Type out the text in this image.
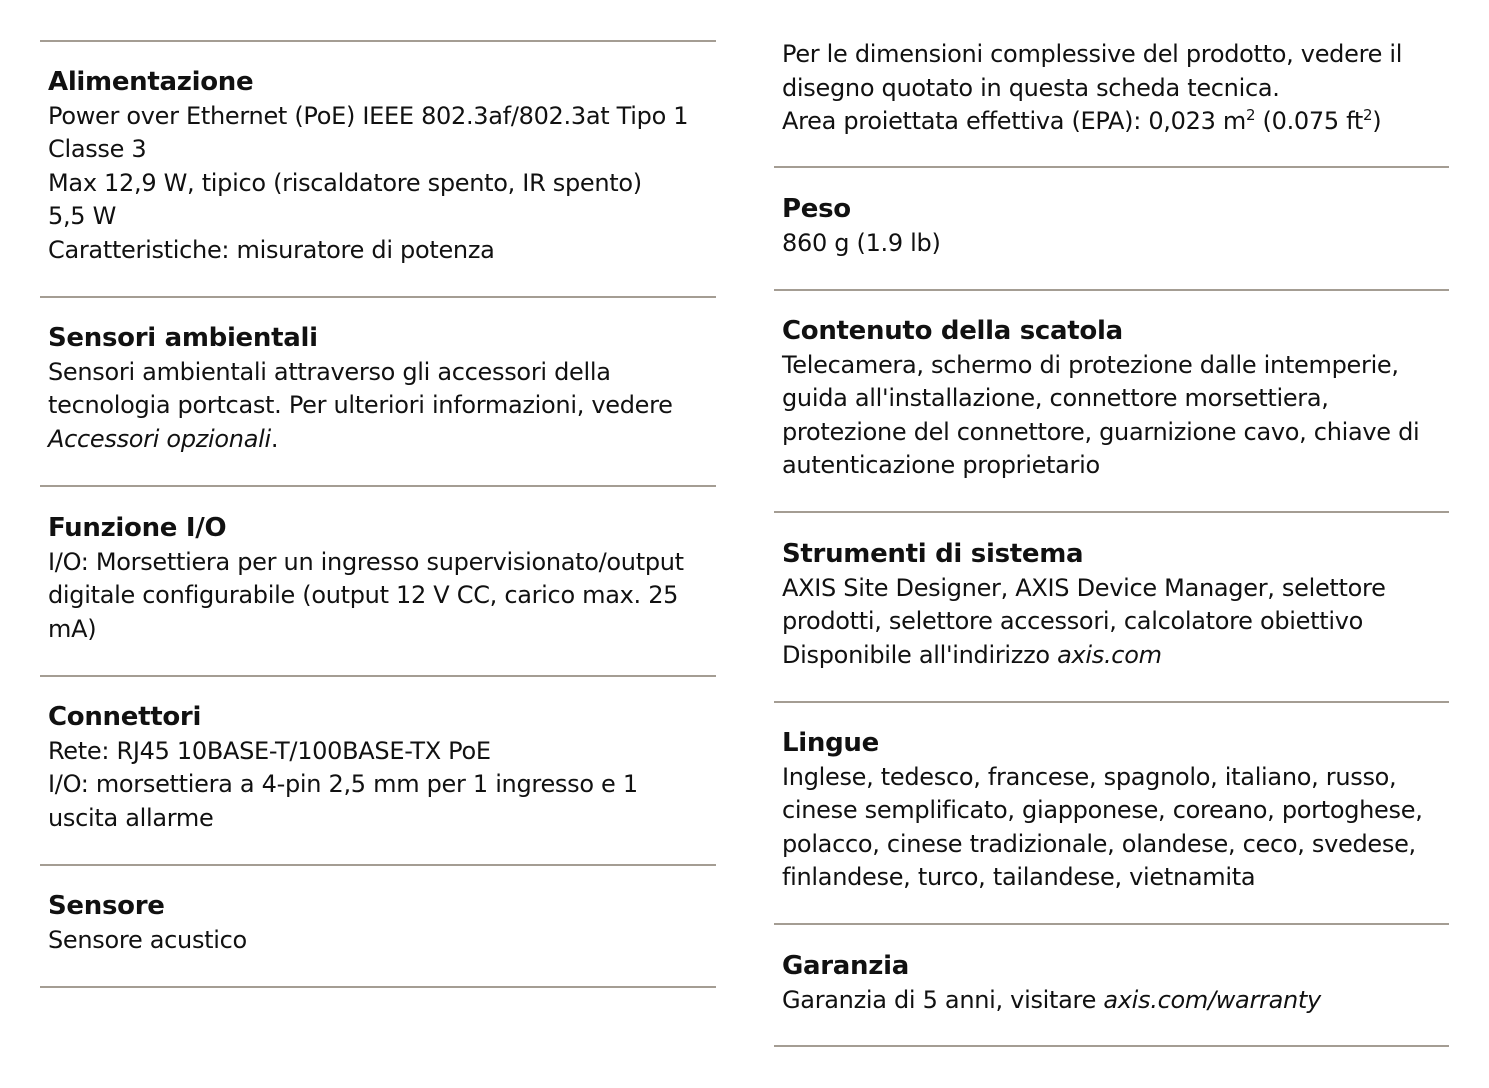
Alimentazione
Power over Ethernet (PoE) IEEE 802.3af/802.3at Tipo 1
Classe 3
Max 12,9 W, tipico (riscaldatore spento, IR spento)
5,5 W
Caratteristiche: misuratore di potenza
Sensori ambientali
Sensori ambientali attraverso gli accessori della
tecnologia portcast. Per ulteriori informazioni, vedere
Accessori opzionali.
Funzione I/O
I/O: Morsettiera per un ingresso supervisionato/output
digitale configurabile (output 12 V CC, carico max. 25
mA)
Connettori
Rete: RJ45 10BASE-T/100BASE-TX PoE
I/O: morsettiera a 4-pin 2,5 mm per 1 ingresso e 1
uscita allarme
Sensore
Sensore acustico
Per le dimensioni complessive del prodotto, vedere il
disegno quotato in questa scheda tecnica.
Area proiettata effettiva (EPA): 0,023 $m^2$ (0.075 $ft^2$)
Peso
860 g (1.9 lb)
Contenuto della scatola
Telecamera, schermo di protezione dalle intemperie,
guida all'installazione, connettore morsettiera,
protezione del connettore, guarnizione cavo, chiave di
autenticazione proprietario
Strumenti di sistema
AXIS Site Designer, AXIS Device Manager, selettore
prodotti, selettore accessori, calcolatore obiettivo
Disponibile all'indirizzo axis.com
Lingue
Inglese, tedesco, francese, spagnolo, italiano, russo,
cinese semplificato, giapponese, coreano, portoghese,
polacco, cinese tradizionale, olandese, ceco, svedese,
finlandese, turco, tailandese, vietnamita
Garanzia
Garanzia di 5 anni, visitare axis.com/warranty
